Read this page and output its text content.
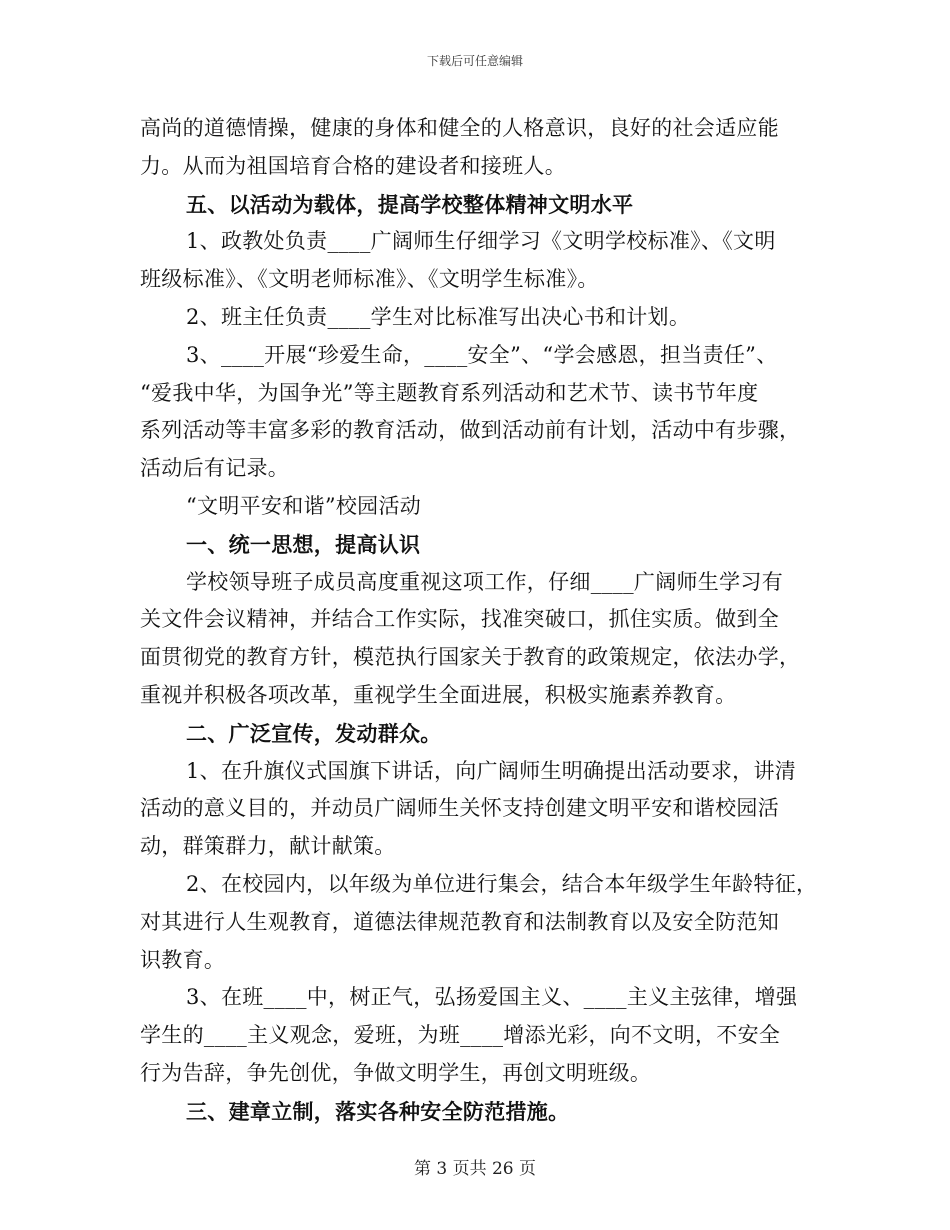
下载后可任意编辑
高尚的道德情操，健康的身体和健全的人格意识，良好的社会适应能
力。从而为祖国培育合格的建设者和接班人。
五、以活动为载体，提高学校整体精神文明水平
1、政教处负责____广阔师生仔细学习《文明学校标准》、《文明
班级标准》、《文明老师标准》、《文明学生标准》。
2、班主任负责____学生对比标准写出决心书和计划。
3、____开展“珍爱生命，____安全”、“学会感恩，担当责任”、
“爱我中华，为国争光”等主题教育系列活动和艺术节、读书节年度
系列活动等丰富多彩的教育活动，做到活动前有计划，活动中有步骤，
活动后有记录。
“文明平安和谐”校园活动
一、统一思想，提高认识
学校领导班子成员高度重视这项工作，仔细____广阔师生学习有
关文件会议精神，并结合工作实际，找准突破口，抓住实质。做到全
面贯彻党的教育方针，模范执行国家关于教育的政策规定，依法办学，
重视并积极各项改革，重视学生全面进展，积极实施素养教育。
二、广泛宣传，发动群众。
1、在升旗仪式国旗下讲话，向广阔师生明确提出活动要求，讲清
活动的意义目的，并动员广阔师生关怀支持创建文明平安和谐校园活
动，群策群力，献计献策。
2、在校园内，以年级为单位进行集会，结合本年级学生年龄特征，
对其进行人生观教育，道德法律规范教育和法制教育以及安全防范知
识教育。
3、在班____中，树正气，弘扬爱国主义、____主义主弦律，增强
学生的____主义观念，爱班，为班____增添光彩，向不文明，不安全
行为告辞，争先创优，争做文明学生，再创文明班级。
三、建章立制，落实各种安全防范措施。
第 3 页共 26 页
